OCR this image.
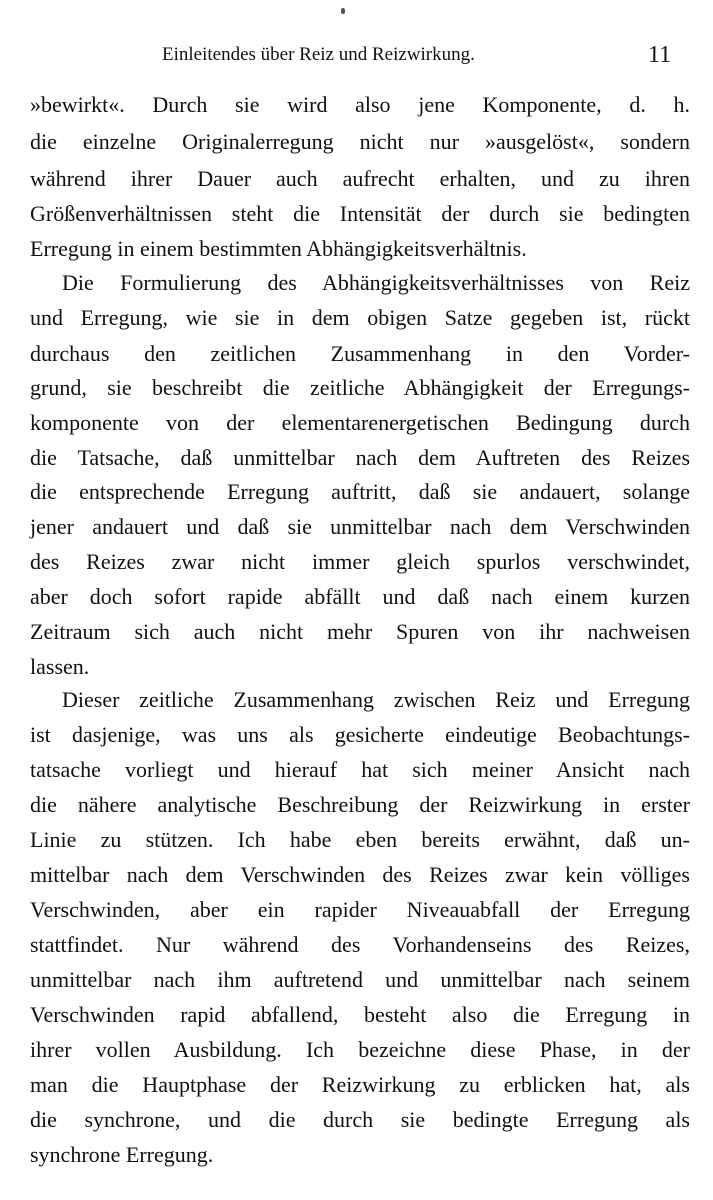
Einleitendes über Reiz und Reizwirkung.	11
»bewirkt«. Durch sie wird also jene Komponente, d. h.
die einzelne Originalerregung nicht nur »ausgelöst«, sondern
während ihrer Dauer auch aufrecht erhalten, und zu ihren
Größenverhältnissen steht die Intensität der durch sie bedingten
Erregung in einem bestimmten Abhängigkeitsverhältnis.
Die Formulierung des Abhängigkeitsverhältnisses von Reiz
und Erregung, wie sie in dem obigen Satze gegeben ist, rückt
durchaus den zeitlichen Zusammenhang in den Vorder-
grund, sie beschreibt die zeitliche Abhängigkeit der Erregungs-
komponente von der elementarenergetischen Bedingung durch
die Tatsache, daß unmittelbar nach dem Auftreten des Reizes
die entsprechende Erregung auftritt, daß sie andauert, solange
jener andauert und daß sie unmittelbar nach dem Verschwinden
des Reizes zwar nicht immer gleich spurlos verschwindet,
aber doch sofort rapide abfällt und daß nach einem kurzen
Zeitraum sich auch nicht mehr Spuren von ihr nachweisen
lassen.
Dieser zeitliche Zusammenhang zwischen Reiz und Erregung
ist dasjenige, was uns als gesicherte eindeutige Beobachtungs-
tatsache vorliegt und hierauf hat sich meiner Ansicht nach
die nähere analytische Beschreibung der Reizwirkung in erster
Linie zu stützen. Ich habe eben bereits erwähnt, daß un-
mittelbar nach dem Verschwinden des Reizes zwar kein völliges
Verschwinden, aber ein rapider Niveauabfall der Erregung
stattfindet. Nur während des Vorhandenseins des Reizes,
unmittelbar nach ihm auftretend und unmittelbar nach seinem
Verschwinden rapid abfallend, besteht also die Erregung in
ihrer vollen Ausbildung. Ich bezeichne diese Phase, in der
man die Hauptphase der Reizwirkung zu erblicken hat, als
die synchrone, und die durch sie bedingte Erregung als
synchrone Erregung.
